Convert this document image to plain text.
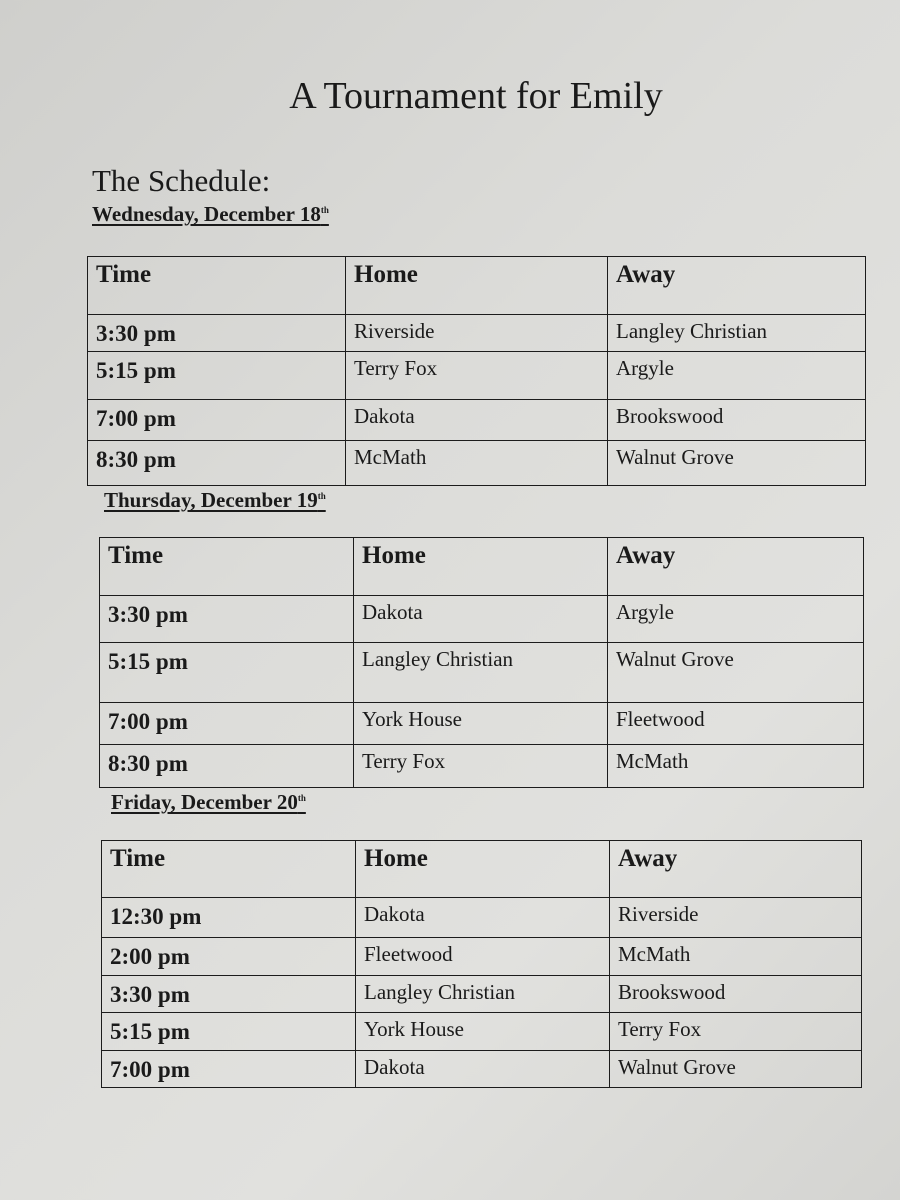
A Tournament for Emily
The Schedule:
Wednesday, December 18th
Time	Home	Away
3:30 pm	Riverside	Langley Christian
5:15 pm	Terry Fox	Argyle
7:00 pm	Dakota	Brookswood
8:30 pm	McMath	Walnut Grove
Thursday, December 19th
Time	Home	Away
3:30 pm	Dakota	Argyle
5:15 pm	Langley Christian	Walnut Grove
7:00 pm	York House	Fleetwood
8:30 pm	Terry Fox	McMath
Friday, December 20th
Time	Home	Away
12:30 pm	Dakota	Riverside
2:00 pm	Fleetwood	McMath
3:30 pm	Langley Christian	Brookswood
5:15 pm	York House	Terry Fox
7:00 pm	Dakota	Walnut Grove
